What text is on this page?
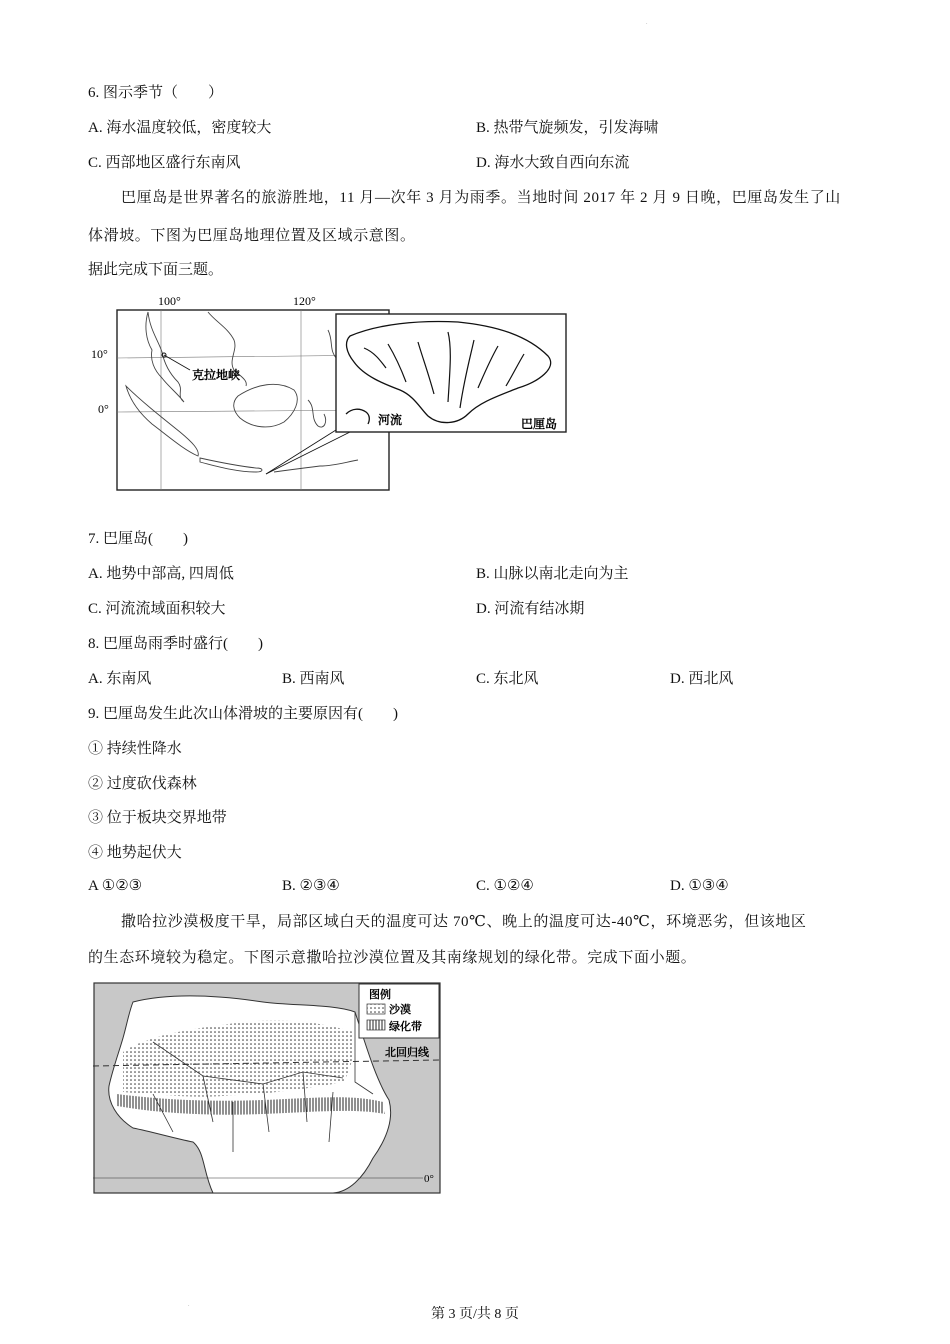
.
6. 图示季节（　　）
A. 海水温度较低，密度较大	B. 热带气旋频发，引发海啸
C. 西部地区盛行东南风	D. 海水大致自西向东流
巴厘岛是世界著名的旅游胜地，11 月—次年 3 月为雨季。当地时间 2017 年 2 月 9 日晚，巴厘岛发生了山
体滑坡。下图为巴厘岛地理位置及区域示意图。
据此完成下面三题。
100°	120°
10°
0°
克拉地峡
河流	巴厘岛
7. 巴厘岛(　　)
A. 地势中部高, 四周低	B. 山脉以南北走向为主
C. 河流流域面积较大	D. 河流有结冰期
8. 巴厘岛雨季时盛行(　　)
A. 东南风	B. 西南风	C. 东北风	D. 西北风
9. 巴厘岛发生此次山体滑坡的主要原因有(　　)
① 持续性降水
② 过度砍伐森林
③ 位于板块交界地带
④ 地势起伏大
A ①②③	B. ②③④	C. ①②④	D. ①③④
撒哈拉沙漠极度干旱，局部区域白天的温度可达 70℃、晚上的温度可达-40℃，环境恶劣，但该地区
的生态环境较为稳定。下图示意撒哈拉沙漠位置及其南缘规划的绿化带。完成下面小题。
0°
图例
沙漠
绿化带
北回归线
.
第 3 页/共 8 页
